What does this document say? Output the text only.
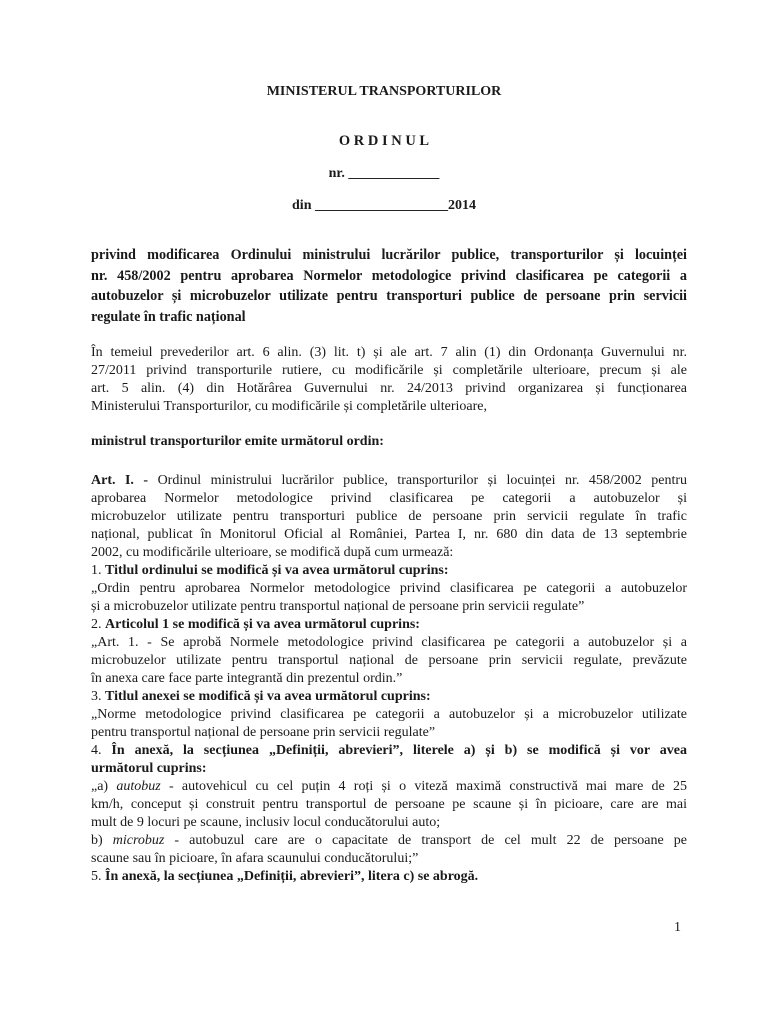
MINISTERUL TRANSPORTURILOR
O R D I N U L
nr. _____________
din ___________________2014
privind modificarea Ordinului ministrului lucrărilor publice, transporturilor și locuinței
nr. 458/2002 pentru aprobarea Normelor metodologice privind clasificarea pe categorii a
autobuzelor și microbuzelor utilizate pentru transporturi publice de persoane prin servicii
regulate în trafic național
În temeiul prevederilor art. 6 alin. (3) lit. t) și ale art. 7 alin (1) din Ordonanța Guvernului nr.
27/2011 privind transporturile rutiere, cu modificările și completările ulterioare, precum și ale
art. 5 alin. (4) din Hotărârea Guvernului nr. 24/2013 privind organizarea și funcționarea
Ministerului Transporturilor, cu modificările și completările ulterioare,
ministrul transporturilor emite următorul ordin:
Art. I. - Ordinul ministrului lucrărilor publice, transporturilor și locuinței nr. 458/2002 pentru
aprobarea Normelor metodologice privind clasificarea pe categorii a autobuzelor și
microbuzelor utilizate pentru transporturi publice de persoane prin servicii regulate în trafic
național, publicat în Monitorul Oficial al României, Partea I, nr. 680 din data de 13 septembrie
2002, cu modificările ulterioare, se modifică după cum urmează:
1. Titlul ordinului se modifică și va avea următorul cuprins:
„Ordin pentru aprobarea Normelor metodologice privind clasificarea pe categorii a autobuzelor
și a microbuzelor utilizate pentru transportul național de persoane prin servicii regulate”
2. Articolul 1 se modifică și va avea următorul cuprins:
„Art. 1. - Se aprobă Normele metodologice privind clasificarea pe categorii a autobuzelor și a
microbuzelor utilizate pentru transportul național de persoane prin servicii regulate, prevăzute
în anexa care face parte integrantă din prezentul ordin.”
3. Titlul anexei se modifică și va avea următorul cuprins:
„Norme metodologice privind clasificarea pe categorii a autobuzelor și a microbuzelor utilizate
pentru transportul național de persoane prin servicii regulate”
4. În anexă, la secțiunea „Definiții, abrevieri”, literele a) și b) se modifică și vor avea
următorul cuprins:
„a) autobuz - autovehicul cu cel puțin 4 roți și o viteză maximă constructivă mai mare de 25
km/h, conceput și construit pentru transportul de persoane pe scaune și în picioare, care are mai
mult de 9 locuri pe scaune, inclusiv locul conducătorului auto;
b) microbuz - autobuzul care are o capacitate de transport de cel mult 22 de persoane pe
scaune sau în picioare, în afara scaunului conducătorului;”
5. În anexă, la secțiunea „Definiții, abrevieri”, litera c) se abrogă.
1
